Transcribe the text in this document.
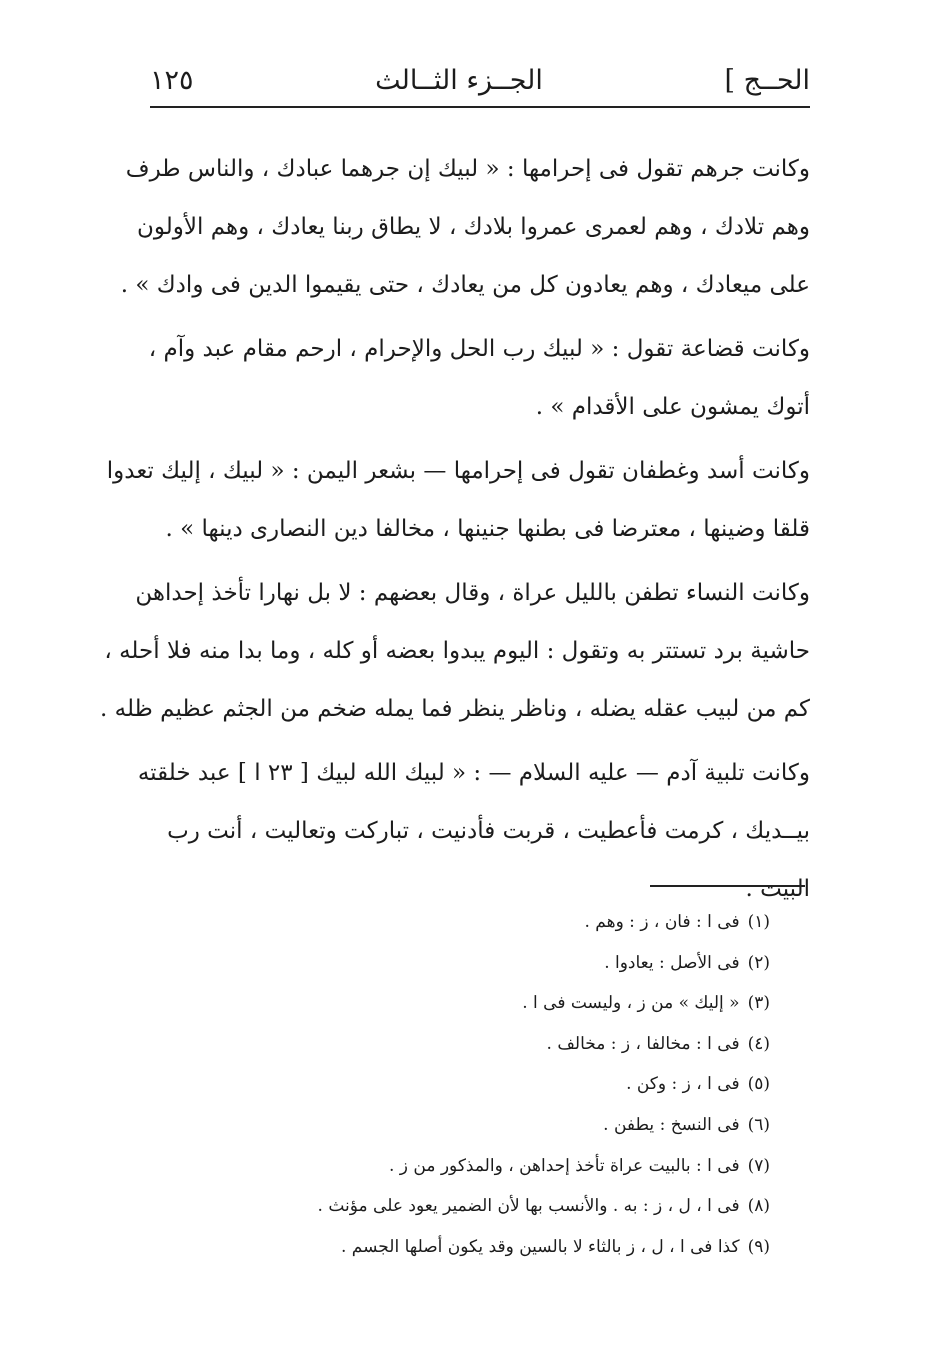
الحــج ]
الجــزء الثــالث
١٢٥
وكانت جرهم تقول فى إحرامها : « لبيك إن جرهما عبادك ، والناس طرف
وهم تلادك ، وهم لعمرى عمروا بلادك ، لا يطاق ربنا يعادك ، وهم الأولون
على ميعادك ، وهم يعادون كل من يعادك ، حتى يقيموا الدين فى وادك » .
وكانت قضاعة تقول : « لبيك رب الحل والإحرام ، ارحم مقام عبد وآم ،
أتوك يمشون على الأقدام » .
وكانت أسد وغطفان تقول فى إحرامها — بشعر اليمن : « لبيك ، إليك تعدوا
قلقا وضينها ، معترضا فى بطنها جنينها ، مخالفا دين النصارى دينها » .
وكانت النساء تطفن بالليل عراة ، وقال بعضهم : لا بل نهارا تأخذ إحداهن
حاشية برد تستتر به وتقول : اليوم يبدوا بعضه أو كله ، وما بدا منه فلا أحله ،
كم من لبيب عقله يضله ، وناظر ينظر فما يمله ضخم من الجثم عظيم ظله .
وكانت تلبية آدم — عليه السلام — : « لبيك الله لبيك [ ٢٣ ا ] عبد خلقته
بيــديك ، كرمت فأعطيت ، قربت فأدنيت ، تباركت وتعاليت ، أنت رب
البيت .
(١)فى ا : فان ، ز : وهم .
(٢)فى الأصل : يعادوا .
(٣)« إليك » من ز ، وليست فى ا .
(٤)فى ا : مخالفا ، ز : مخالف .
(٥)فى ا ، ز : وكن .
(٦)فى النسخ : يطفن .
(٧)فى ا : بالبيت عراة تأخذ إحداهن ، والمذكور من ز .
(٨)فى ا ، ل ، ز : به . والأنسب بها لأن الضمير يعود على مؤنث .
(٩)كذا فى ا ، ل ، ز بالثاء لا بالسين وقد يكون أصلها الجسم .
